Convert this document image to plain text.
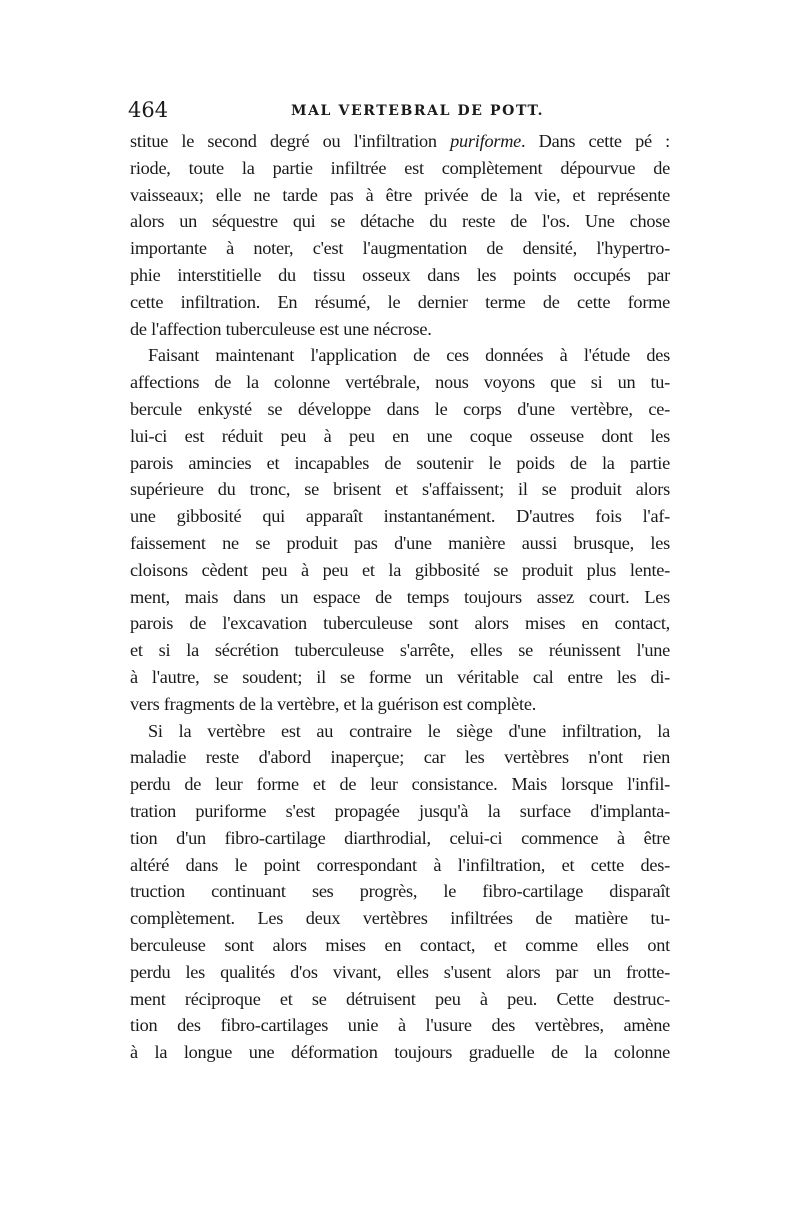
464	MAL VERTEBRAL DE POTT.
stitue le second degré ou l'infiltration puriforme. Dans cette pé :
riode, toute la partie infiltrée est complètement dépourvue de
vaisseaux; elle ne tarde pas à être privée de la vie, et représente
alors un séquestre qui se détache du reste de l'os. Une chose
importante à noter, c'est l'augmentation de densité, l'hypertro-
phie interstitielle du tissu osseux dans les points occupés par
cette infiltration. En résumé, le dernier terme de cette forme
de l'affection tuberculeuse est une nécrose.
Faisant maintenant l'application de ces données à l'étude des
affections de la colonne vertébrale, nous voyons que si un tu-
bercule enkysté se développe dans le corps d'une vertèbre, ce-
lui-ci est réduit peu à peu en une coque osseuse dont les
parois amincies et incapables de soutenir le poids de la partie
supérieure du tronc, se brisent et s'affaissent; il se produit alors
une gibbosité qui apparaît instantanément. D'autres fois l'af-
faissement ne se produit pas d'une manière aussi brusque, les
cloisons cèdent peu à peu et la gibbosité se produit plus lente-
ment, mais dans un espace de temps toujours assez court. Les
parois de l'excavation tuberculeuse sont alors mises en contact,
et si la sécrétion tuberculeuse s'arrête, elles se réunissent l'une
à l'autre, se soudent; il se forme un véritable cal entre les di-
vers fragments de la vertèbre, et la guérison est complète.
Si la vertèbre est au contraire le siège d'une infiltration, la
maladie reste d'abord inaperçue; car les vertèbres n'ont rien
perdu de leur forme et de leur consistance. Mais lorsque l'infil-
tration puriforme s'est propagée jusqu'à la surface d'implanta-
tion d'un fibro-cartilage diarthrodial, celui-ci commence à être
altéré dans le point correspondant à l'infiltration, et cette des-
truction continuant ses progrès, le fibro-cartilage disparaît
complètement. Les deux vertèbres infiltrées de matière tu-
berculeuse sont alors mises en contact, et comme elles ont
perdu les qualités d'os vivant, elles s'usent alors par un frotte-
ment réciproque et se détruisent peu à peu. Cette destruc-
tion des fibro-cartilages unie à l'usure des vertèbres, amène
à la longue une déformation toujours graduelle de la colonne
